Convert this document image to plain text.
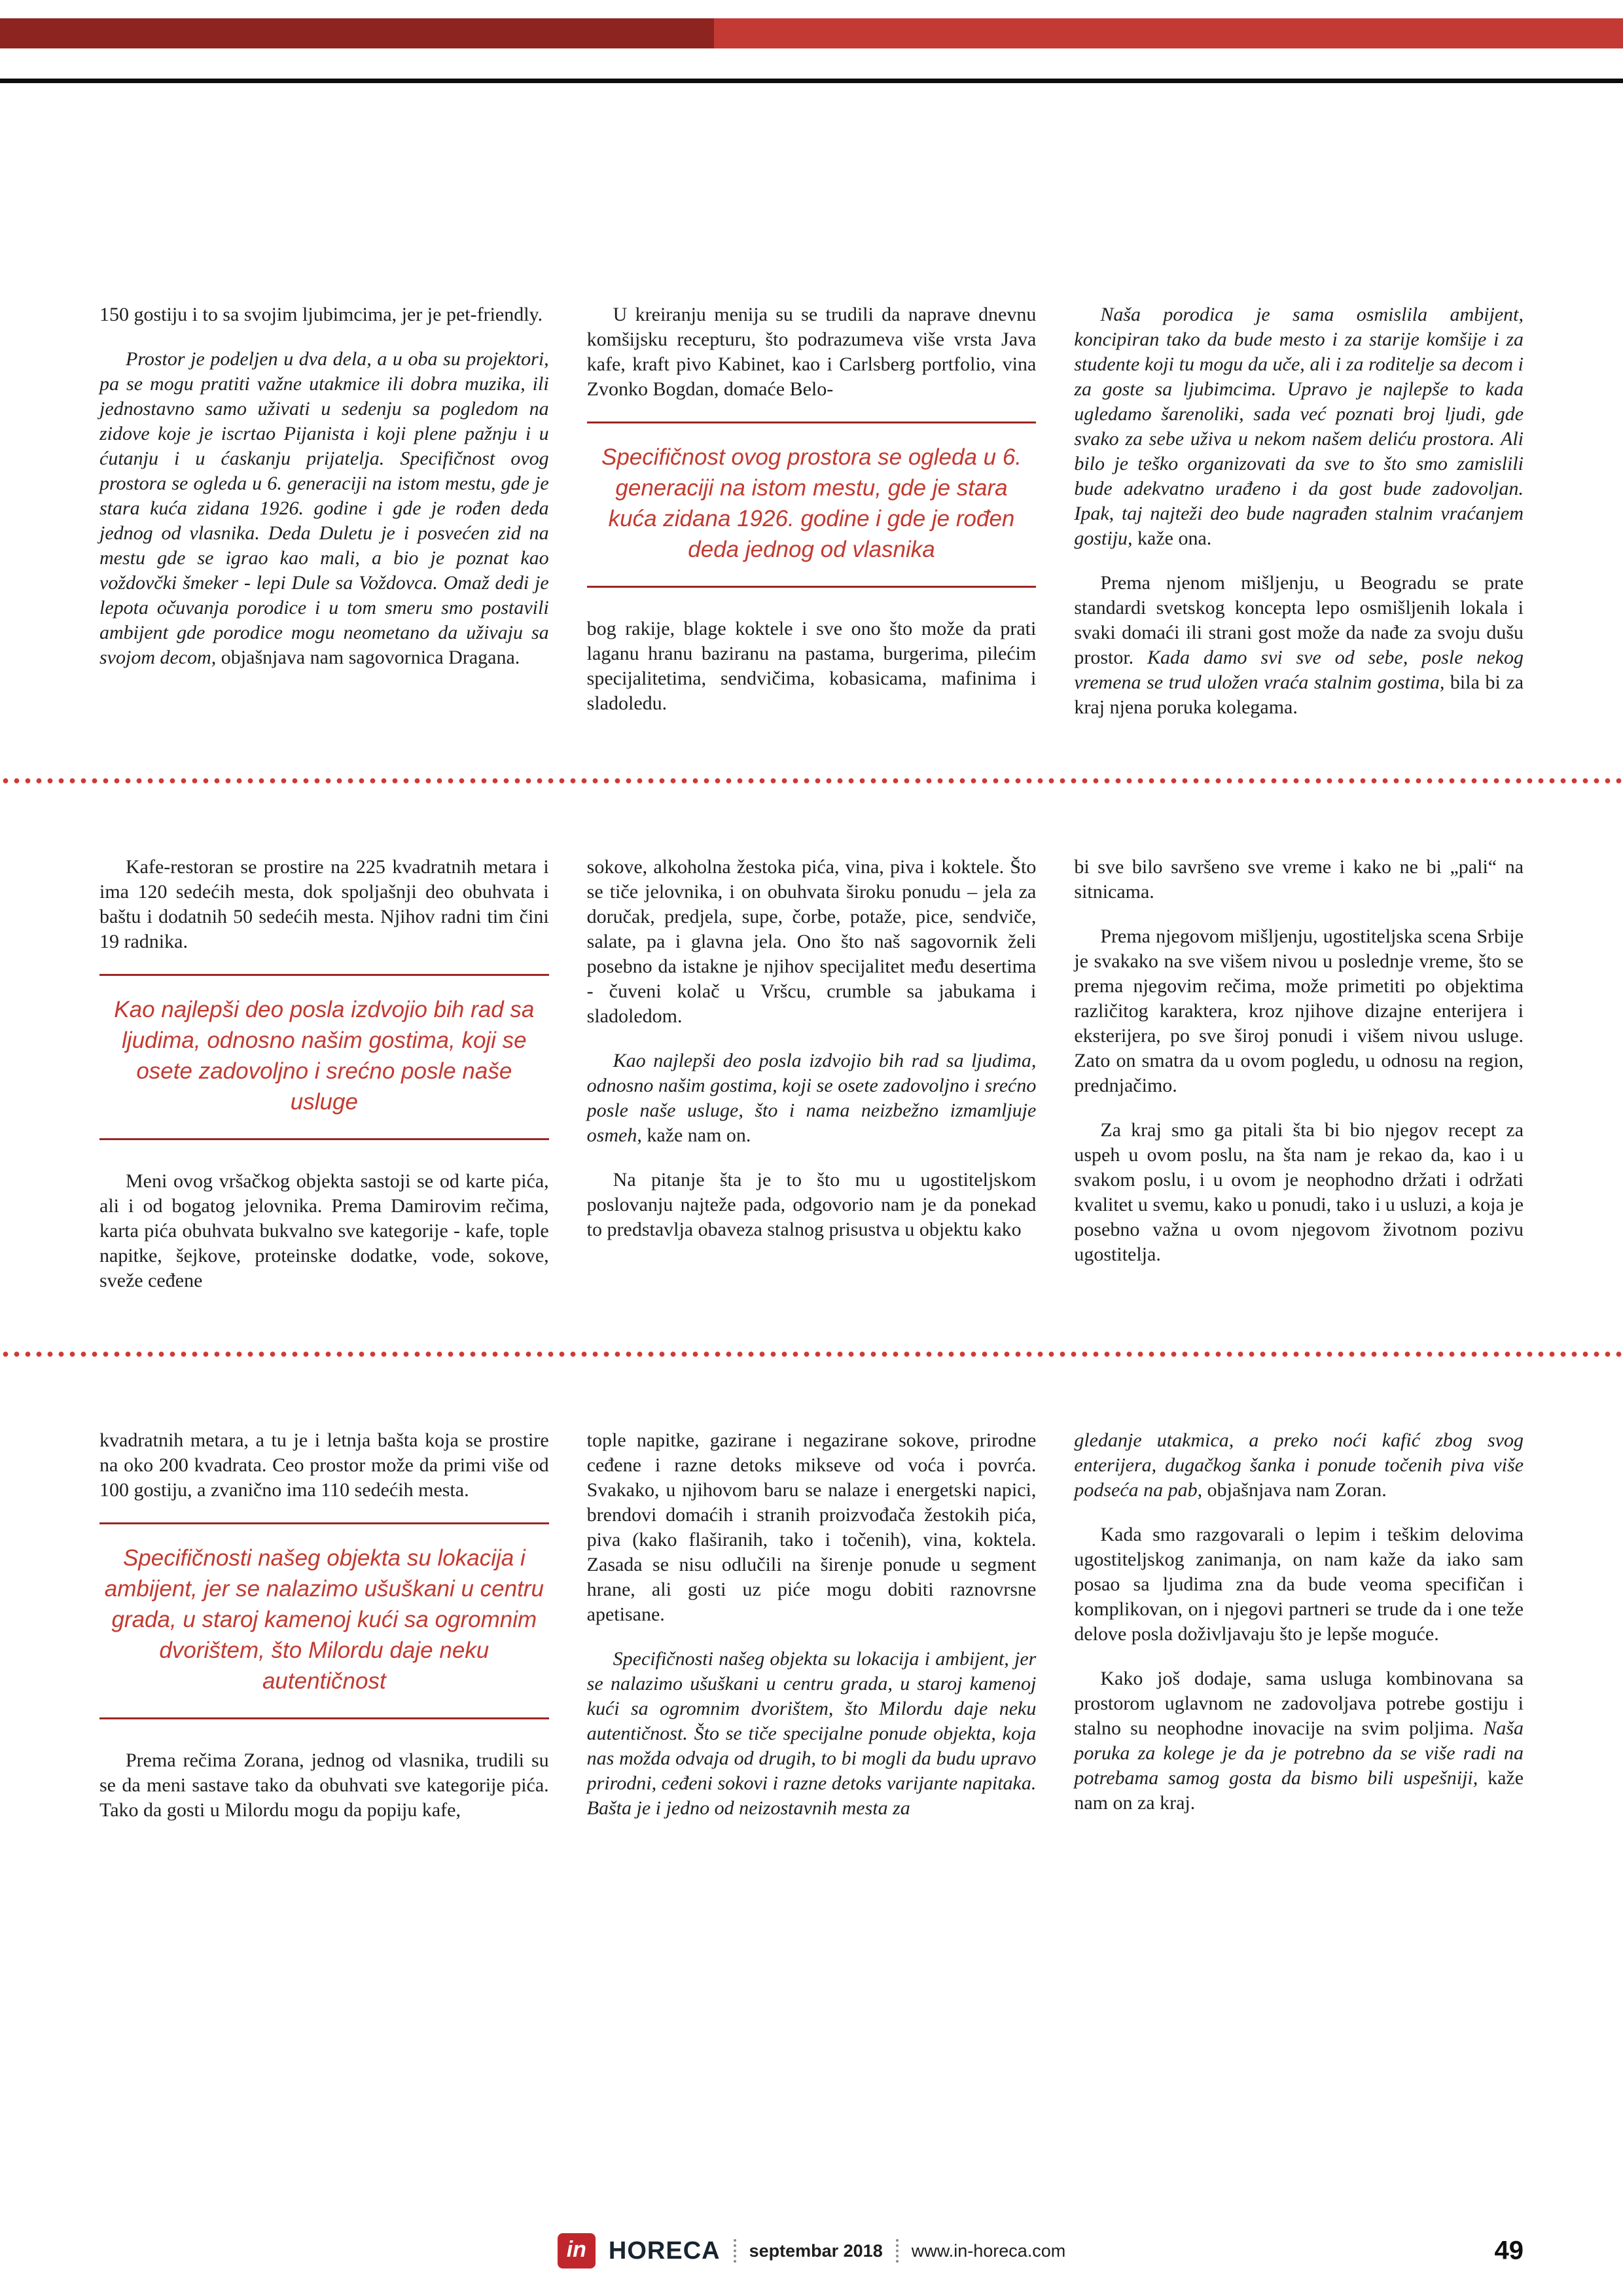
150 gostiju i to sa svojim ljubimcima, jer je pet-friendly.

Prostor je podeljen u dva dela, a u oba su projektori, pa se mogu pratiti važne utakmice ili dobra muzika, ili jednostavno samo uživati u sedenju sa pogledom na zidove koje je iscrtao Pijanista i koji plene pažnju i u ćutanju i u ćaskanju prijatelja. Specifičnost ovog prostora se ogleda u 6. generaciji na istom mestu, gde je stara kuća zidana 1926. godine i gde je rođen deda jednog od vlasnika. Deda Duletu je i posvećen zid na mestu gde se igrao kao mali, a bio je poznat kao voždovčki šmeker - lepi Dule sa Voždovca. Omaž dedi je lepota očuvanja porodice i u tom smeru smo postavili ambijent gde porodice mogu neometano da uživaju sa svojom decom, objašnjava nam sagovornica Dragana.

U kreiranju menija su se trudili da naprave dnevnu komšijsku recepturu, što podrazumeva više vrsta Java kafe, kraft pivo Kabinet, kao i Carlsberg portfolio, vina Zvonko Bogdan, domaće Belo-

Specifičnost ovog prostora se ogleda u 6. generaciji na istom mestu, gde je stara kuća zidana 1926. godine i gde je rođen deda jednog od vlasnika

bog rakije, blage koktele i sve ono što može da prati laganu hranu baziranu na pastama, burgerima, pilećim specijalitetima, sendvičima, kobasicama, mafinima i sladoledu.

Naša porodica je sama osmislila ambijent, koncipiran tako da bude mesto i za starije komšije i za studente koji tu mogu da uče, ali i za roditelje sa decom i za goste sa ljubimcima. Upravo je najlepše to kada ugledamo šarenoliki, sada već poznati broj ljudi, gde svako za sebe uživa u nekom našem deliću prostora. Ali bilo je teško organizovati da sve to što smo zamislili bude adekvatno urađeno i da gost bude zadovoljan. Ipak, taj najteži deo bude nagrađen stalnim vraćanjem gostiju, kaže ona.

Prema njenom mišljenju, u Beogradu se prate standardi svetskog koncepta lepo osmišljenih lokala i svaki domaći ili strani gost može da nađe za svoju dušu prostor. Kada damo svi sve od sebe, posle nekog vremena se trud uložen vraća stalnim gostima, bila bi za kraj njena poruka kolegama.

Kafe-restoran se prostire na 225 kvadratnih metara i ima 120 sedećih mesta, dok spoljašnji deo obuhvata i baštu i dodatnih 50 sedećih mesta. Njihov radni tim čini 19 radnika.

Kao najlepši deo posla izdvojio bih rad sa ljudima, odnosno našim gostima, koji se osete zadovoljno i srećno posle naše usluge

Meni ovog vršačkog objekta sastoji se od karte pića, ali i od bogatog jelovnika. Prema Damirovim rečima, karta pića obuhvata bukvalno sve kategorije - kafe, tople napitke, šejkove, proteinske dodatke, vode, sokove, sveže ceđene

sokove, alkoholna žestoka pića, vina, piva i koktele. Što se tiče jelovnika, i on obuhvata široku ponudu – jela za doručak, predjela, supe, čorbe, potaže, pice, sendviče, salate, pa i glavna jela. Ono što naš sagovornik želi posebno da istakne je njihov specijalitet među desertima - čuveni kolač u Vršcu, crumble sa jabukama i sladoledom.

Kao najlepši deo posla izdvojio bih rad sa ljudima, odnosno našim gostima, koji se osete zadovoljno i srećno posle naše usluge, što i nama neizbežno izmamljuje osmeh, kaže nam on.

Na pitanje šta je to što mu u ugostiteljskom poslovanju najteže pada, odgovorio nam je da ponekad to predstavlja obaveza stalnog prisustva u objektu kako

bi sve bilo savršeno sve vreme i kako ne bi „pali“ na sitnicama.

Prema njegovom mišljenju, ugostiteljska scena Srbije je svakako na sve višem nivou u poslednje vreme, što se prema njegovim rečima, može primetiti po objektima različitog karaktera, kroz njihove dizajne enterijera i eksterijera, po sve široj ponudi i višem nivou usluge. Zato on smatra da u ovom pogledu, u odnosu na region, prednjačimo.

Za kraj smo ga pitali šta bi bio njegov recept za uspeh u ovom poslu, na šta nam je rekao da, kao i u svakom poslu, i u ovom je neophodno držati i održati kvalitet u svemu, kako u ponudi, tako i u usluzi, a koja je posebno važna u ovom njegovom životnom pozivu ugostitelja.

kvadratnih metara, a tu je i letnja bašta koja se prostire na oko 200 kvadrata. Ceo prostor može da primi više od 100 gostiju, a zvanično ima 110 sedećih mesta.

Specifičnosti našeg objekta su lokacija i ambijent, jer se nalazimo ušuškani u centru grada, u staroj kamenoj kući sa ogromnim dvorištem, što Milordu daje neku autentičnost

Prema rečima Zorana, jednog od vlasnika, trudili su se da meni sastave tako da obuhvati sve kategorije pića. Tako da gosti u Milordu mogu da popiju kafe,

tople napitke, gazirane i negazirane sokove, prirodne ceđene i razne detoks mikseve od voća i povrća. Svakako, u njihovom baru se nalaze i energetski napici, brendovi domaćih i stranih proizvođača žestokih pića, piva (kako flaširanih, tako i točenih), vina, koktela. Zasada se nisu odlučili na širenje ponude u segment hrane, ali gosti uz piće mogu dobiti raznovrsne apetisane.

Specifičnosti našeg objekta su lokacija i ambijent, jer se nalazimo ušuškani u centru grada, u staroj kamenoj kući sa ogromnim dvorištem, što Milordu daje neku autentičnost. Što se tiče specijalne ponude objekta, koja nas možda odvaja od drugih, to bi mogli da budu upravo prirodni, ceđeni sokovi i razne detoks varijante napitaka. Bašta je i jedno od neizostavnih mesta za

gledanje utakmica, a preko noći kafić zbog svog enterijera, dugačkog šanka i ponude točenih piva više podseća na pab, objašnjava nam Zoran.

Kada smo razgovarali o lepim i teškim delovima ugostiteljskog zanimanja, on nam kaže da iako sam posao sa ljudima zna da bude veoma specifičan i komplikovan, on i njegovi partneri se trude da i one teže delove posla doživljavaju što je lepše moguće.

Kako još dodaje, sama usluga kombinovana sa prostorom uglavnom ne zadovoljava potrebe gostiju i stalno su neophodne inovacije na svim poljima. Naša poruka za kolege je da je potrebno da se više radi na potrebama samog gosta da bismo bili uspešniji, kaže nam on za kraj.

in HORECA septembar 2018 www.in-horeca.com	49
